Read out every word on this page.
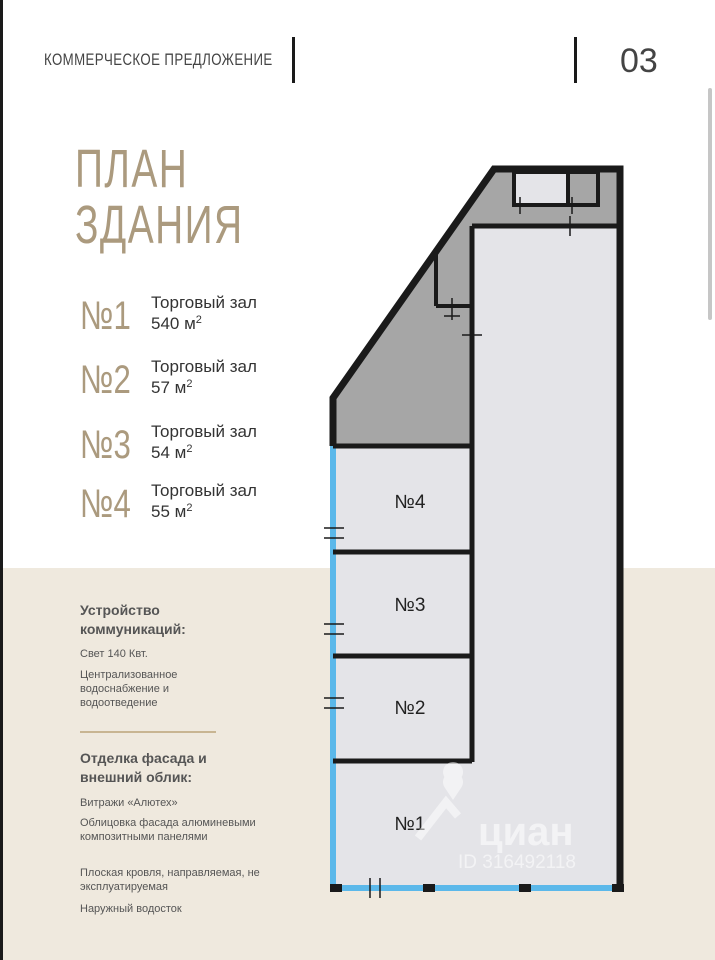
КОММЕРЧЕСКОЕ ПРЕДЛОЖЕНИЕ	03
ПЛАН
ЗДАНИЯ
№1 Торговый зал
540 $м^2$
№2 Торговый зал
57 $м^2$
№3 Торговый зал
54 $м^2$
№4 Торговый зал
55 $м^2$
Устройство коммуникаций:
Свет 140 Квт.
Централизованное водоснабжение и водоотведение
Отделка фасада и внешний облик:
Витражи «Алютех»
Облицовка фасада алюминевыми композитными панелями
Плоская кровля, направляемая, не эксплуатируемая
Наружный водосток
№4
№3
№2
№1 циан
ID 316492118
